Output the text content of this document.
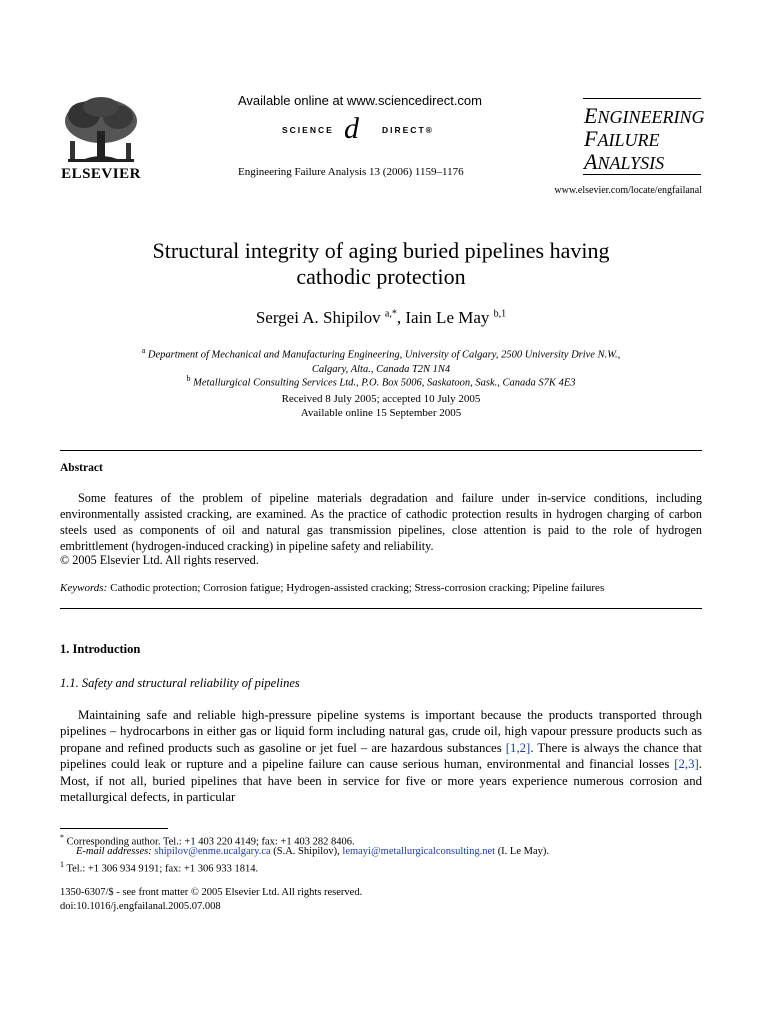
ELSEVIER
Available online at www.sciencedirect.com
SCIENCE d	DIRECT®
Engineering Failure Analysis 13 (2006) 1159–1176
ENGINEERING
FAILURE
ANALYSIS
www.elsevier.com/locate/engfailanal
Structural integrity of aging buried pipelines having
cathodic protection
Sergei A. Shipilov $^{a,*}$, Iain Le May $^{b,1}$
$^a$ Department of Mechanical and Manufacturing Engineering, University of Calgary, 2500 University Drive N.W.,
Calgary, Alta., Canada T2N 1N4
$^b$ Metallurgical Consulting Services Ltd., P.O. Box 5006, Saskatoon, Sask., Canada S7K 4E3
Received 8 July 2005; accepted 10 July 2005
Available online 15 September 2005
Abstract

Some features of the problem of pipeline materials degradation and failure under in-service conditions, including environmentally assisted cracking, are examined. As the practice of cathodic protection results in hydrogen charging of carbon steels used as components of oil and natural gas transmission pipelines, close attention is paid to the role of hydrogen embrittlement (hydrogen-induced cracking) in pipeline safety and reliability.

© 2005 Elsevier Ltd. All rights reserved.
Keywords: Cathodic protection; Corrosion fatigue; Hydrogen-assisted cracking; Stress-corrosion cracking; Pipeline failures
1. Introduction
1.1. Safety and structural reliability of pipelines

Maintaining safe and reliable high-pressure pipeline systems is important because the products transported through pipelines – hydrocarbons in either gas or liquid form including natural gas, crude oil, high vapour pressure products such as propane and refined products such as gasoline or jet fuel – are hazardous substances [1,2]. There is always the chance that pipelines could leak or rupture and a pipeline failure can cause serious human, environmental and financial losses [2,3]. Most, if not all, buried pipelines that have been in service for five or more years experience numerous corrosion and metallurgical defects, in particular

* Corresponding author. Tel.: +1 403 220 4149; fax: +1 403 282 8406.
E-mail addresses: shipilov@enme.ucalgary.ca (S.A. Shipilov), lemayi@metallurgicalconsulting.net (I. Le May).
$^1$ Tel.: +1 306 934 9191; fax: +1 306 933 1814.
1350-6307/$ - see front matter © 2005 Elsevier Ltd. All rights reserved.
doi:10.1016/j.engfailanal.2005.07.008
